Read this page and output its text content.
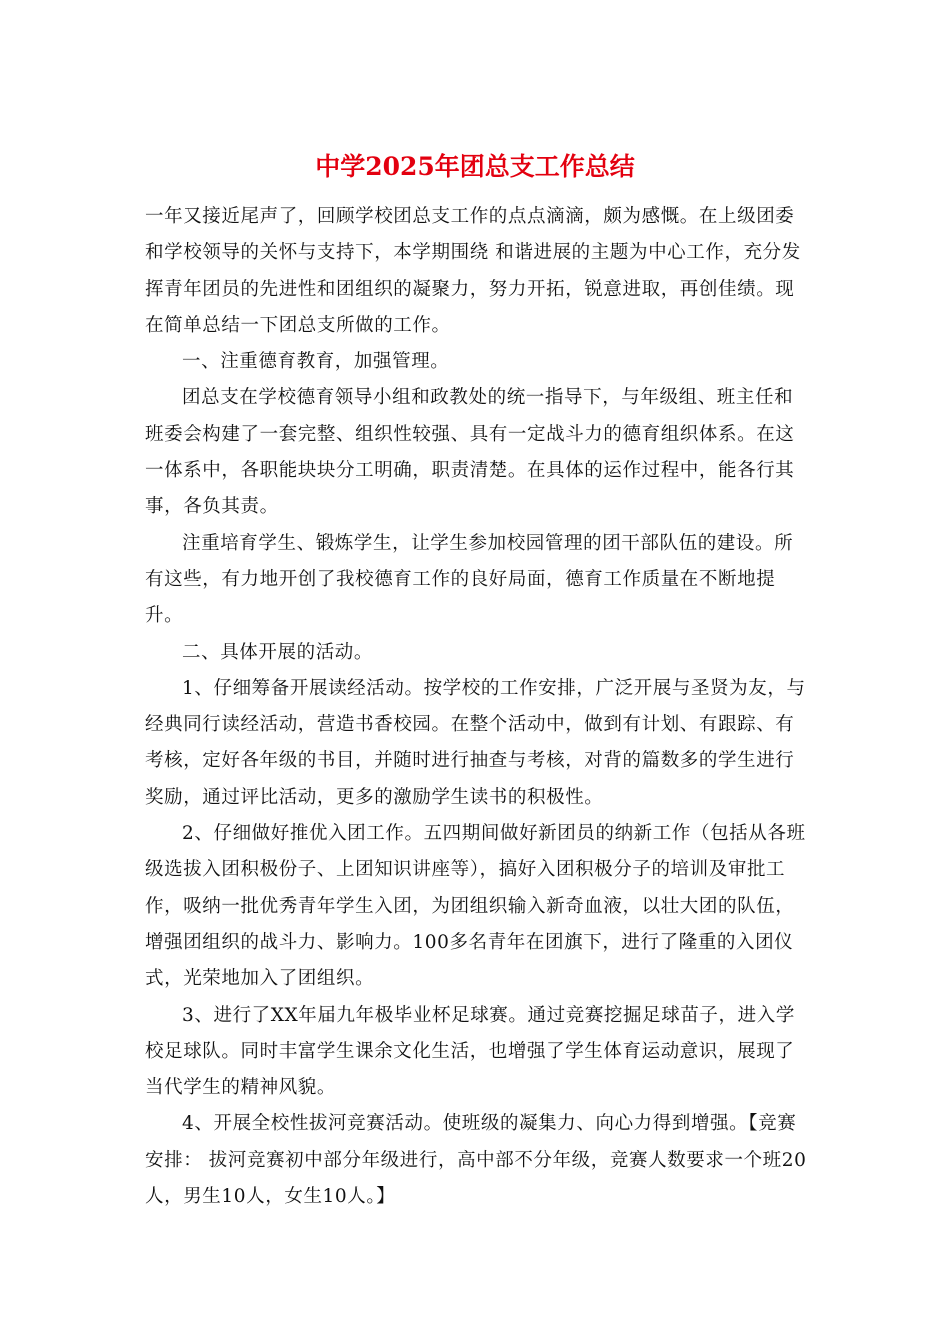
中学2025年团总支工作总结

一年又接近尾声了，回顾学校团总支工作的点点滴滴，颇为感慨。在上级团委和学校领导的关怀与支持下，本学期围绕 和谐进展的主题为中心工作，充分发挥青年团员的先进性和团组织的凝聚力，努力开拓，锐意进取，再创佳绩。现在简单总结一下团总支所做的工作。

一、注重德育教育，加强管理。

团总支在学校德育领导小组和政教处的统一指导下，与年级组、班主任和班委会构建了一套完整、组织性较强、具有一定战斗力的德育组织体系。在这一体系中，各职能块块分工明确，职责清楚。在具体的运作过程中，能各行其事，各负其责。

注重培育学生、锻炼学生，让学生参加校园管理的团干部队伍的建设。所有这些，有力地开创了我校德育工作的良好局面，德育工作质量在不断地提升。

二、具体开展的活动。

1、仔细筹备开展读经活动。按学校的工作安排，广泛开展与圣贤为友，与经典同行读经活动，营造书香校园。在整个活动中，做到有计划、有跟踪、有考核，定好各年级的书目，并随时进行抽查与考核，对背的篇数多的学生进行奖励，通过评比活动，更多的激励学生读书的积极性。

2、仔细做好推优入团工作。五四期间做好新团员的纳新工作（包括从各班级选拔入团积极份子、上团知识讲座等），搞好入团积极分子的培训及审批工作，吸纳一批优秀青年学生入团，为团组织输入新奇血液，以壮大团的队伍，增强团组织的战斗力、影响力。100多名青年在团旗下，进行了隆重的入团仪式，光荣地加入了团组织。

3、进行了XX年届九年极毕业杯足球赛。通过竞赛挖掘足球苗子，进入学校足球队。同时丰富学生课余文化生活，也增强了学生体育运动意识，展现了当代学生的精神风貌。

4、开展全校性拔河竞赛活动。使班级的凝集力、向心力得到增强。【竞赛安排： 拔河竞赛初中部分年级进行，高中部不分年级，竞赛人数要求一个班20人，男生10人，女生10人。】
